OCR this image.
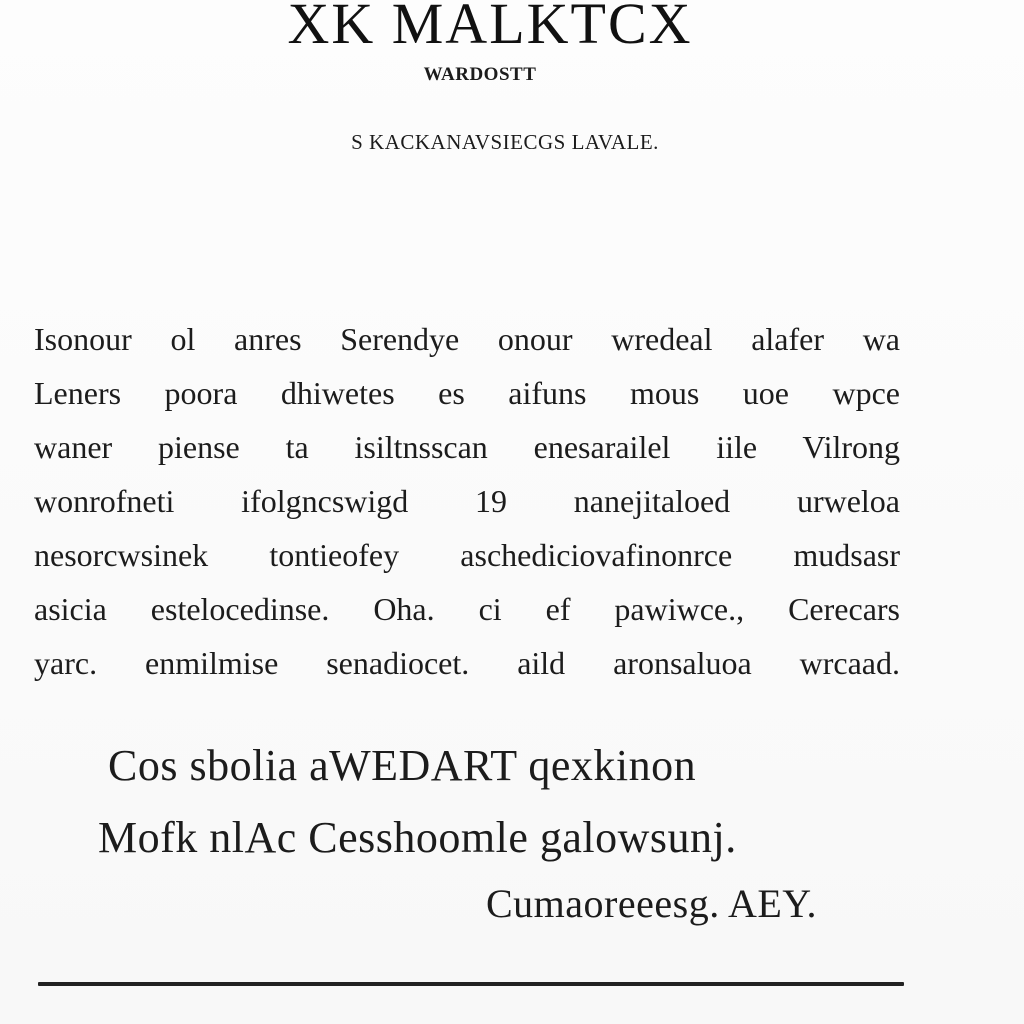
XK MALKTCX
WARDOSTT
S KACKANAVSIECGS LAVALE.
Isonour ol anres Serendye onour wredeal alafer wa
Leners poora dhiwetes es aifuns mous uoe wpce
waner piense ta isiltnsscan enesarailel iile Vilrong
wonrofneti ifolgncswigd 19 nanejitaloed urweloa
nesorcwsinek tontieofey aschediciovafinonrce mudsasr
asicia estelocedinse. Oha. ci ef pawiwce., Cerecars
yarc. enmilmise senadiocet. aild aronsaluoa wrcaad.
Cos sbolia aWEDART qexkinon
Mofk nlAc Cesshoomle galowsunj.
Cumaoreeesg. AEY.
